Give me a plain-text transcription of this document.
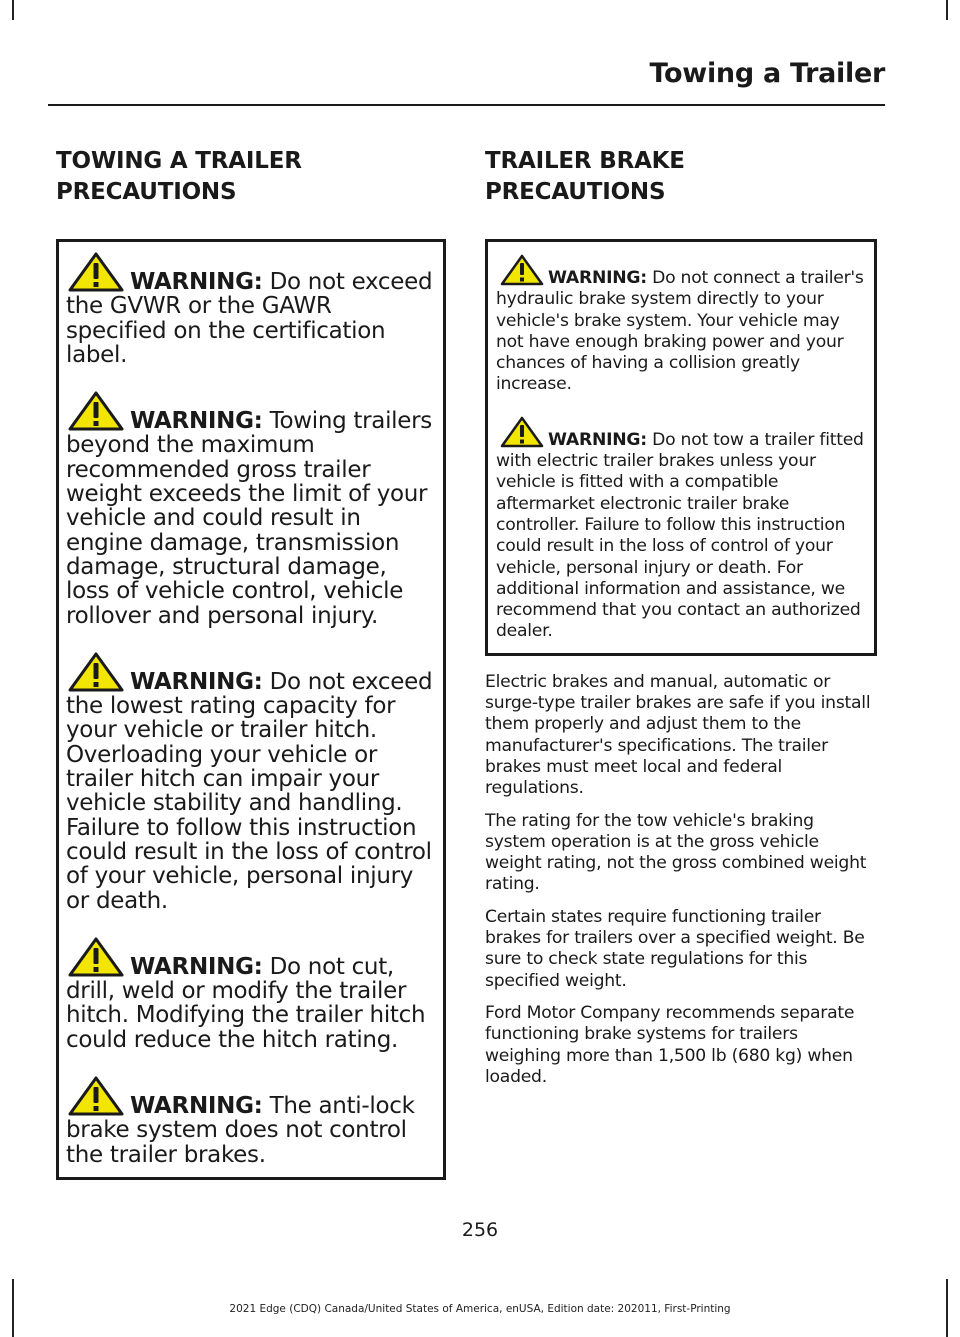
Towing a Trailer
TOWING A TRAILER
PRECAUTIONS

WARNING: Do not exceed the GVWR or the GAWR specified on the certification label.

WARNING: Towing trailers beyond the maximum recommended gross trailer weight exceeds the limit of your vehicle and could result in engine damage, transmission damage, structural damage, loss of vehicle control, vehicle rollover and personal injury.

WARNING: Do not exceed the lowest rating capacity for your vehicle or trailer hitch. Overloading your vehicle or trailer hitch can impair your vehicle stability and handling. Failure to follow this instruction could result in the loss of control of your vehicle, personal injury or death.

WARNING: Do not cut, drill, weld or modify the trailer hitch. Modifying the trailer hitch could reduce the hitch rating.

WARNING: The anti-lock brake system does not control the trailer brakes.

TRAILER BRAKE
PRECAUTIONS

WARNING: Do not connect a trailer's hydraulic brake system directly to your vehicle's brake system. Your vehicle may not have enough braking power and your chances of having a collision greatly increase.

WARNING: Do not tow a trailer fitted with electric trailer brakes unless your vehicle is fitted with a compatible aftermarket electronic trailer brake controller. Failure to follow this instruction could result in the loss of control of your vehicle, personal injury or death. For additional information and assistance, we recommend that you contact an authorized dealer.

Electric brakes and manual, automatic or surge-type trailer brakes are safe if you install them properly and adjust them to the manufacturer's specifications. The trailer brakes must meet local and federal regulations.

The rating for the tow vehicle's braking system operation is at the gross vehicle weight rating, not the gross combined weight rating.

Certain states require functioning trailer brakes for trailers over a specified weight. Be sure to check state regulations for this specified weight.

Ford Motor Company recommends separate functioning brake systems for trailers weighing more than 1,500 lb (680 kg) when loaded.

256
2021 Edge (CDQ) Canada/United States of America, enUSA, Edition date: 202011, First-Printing
